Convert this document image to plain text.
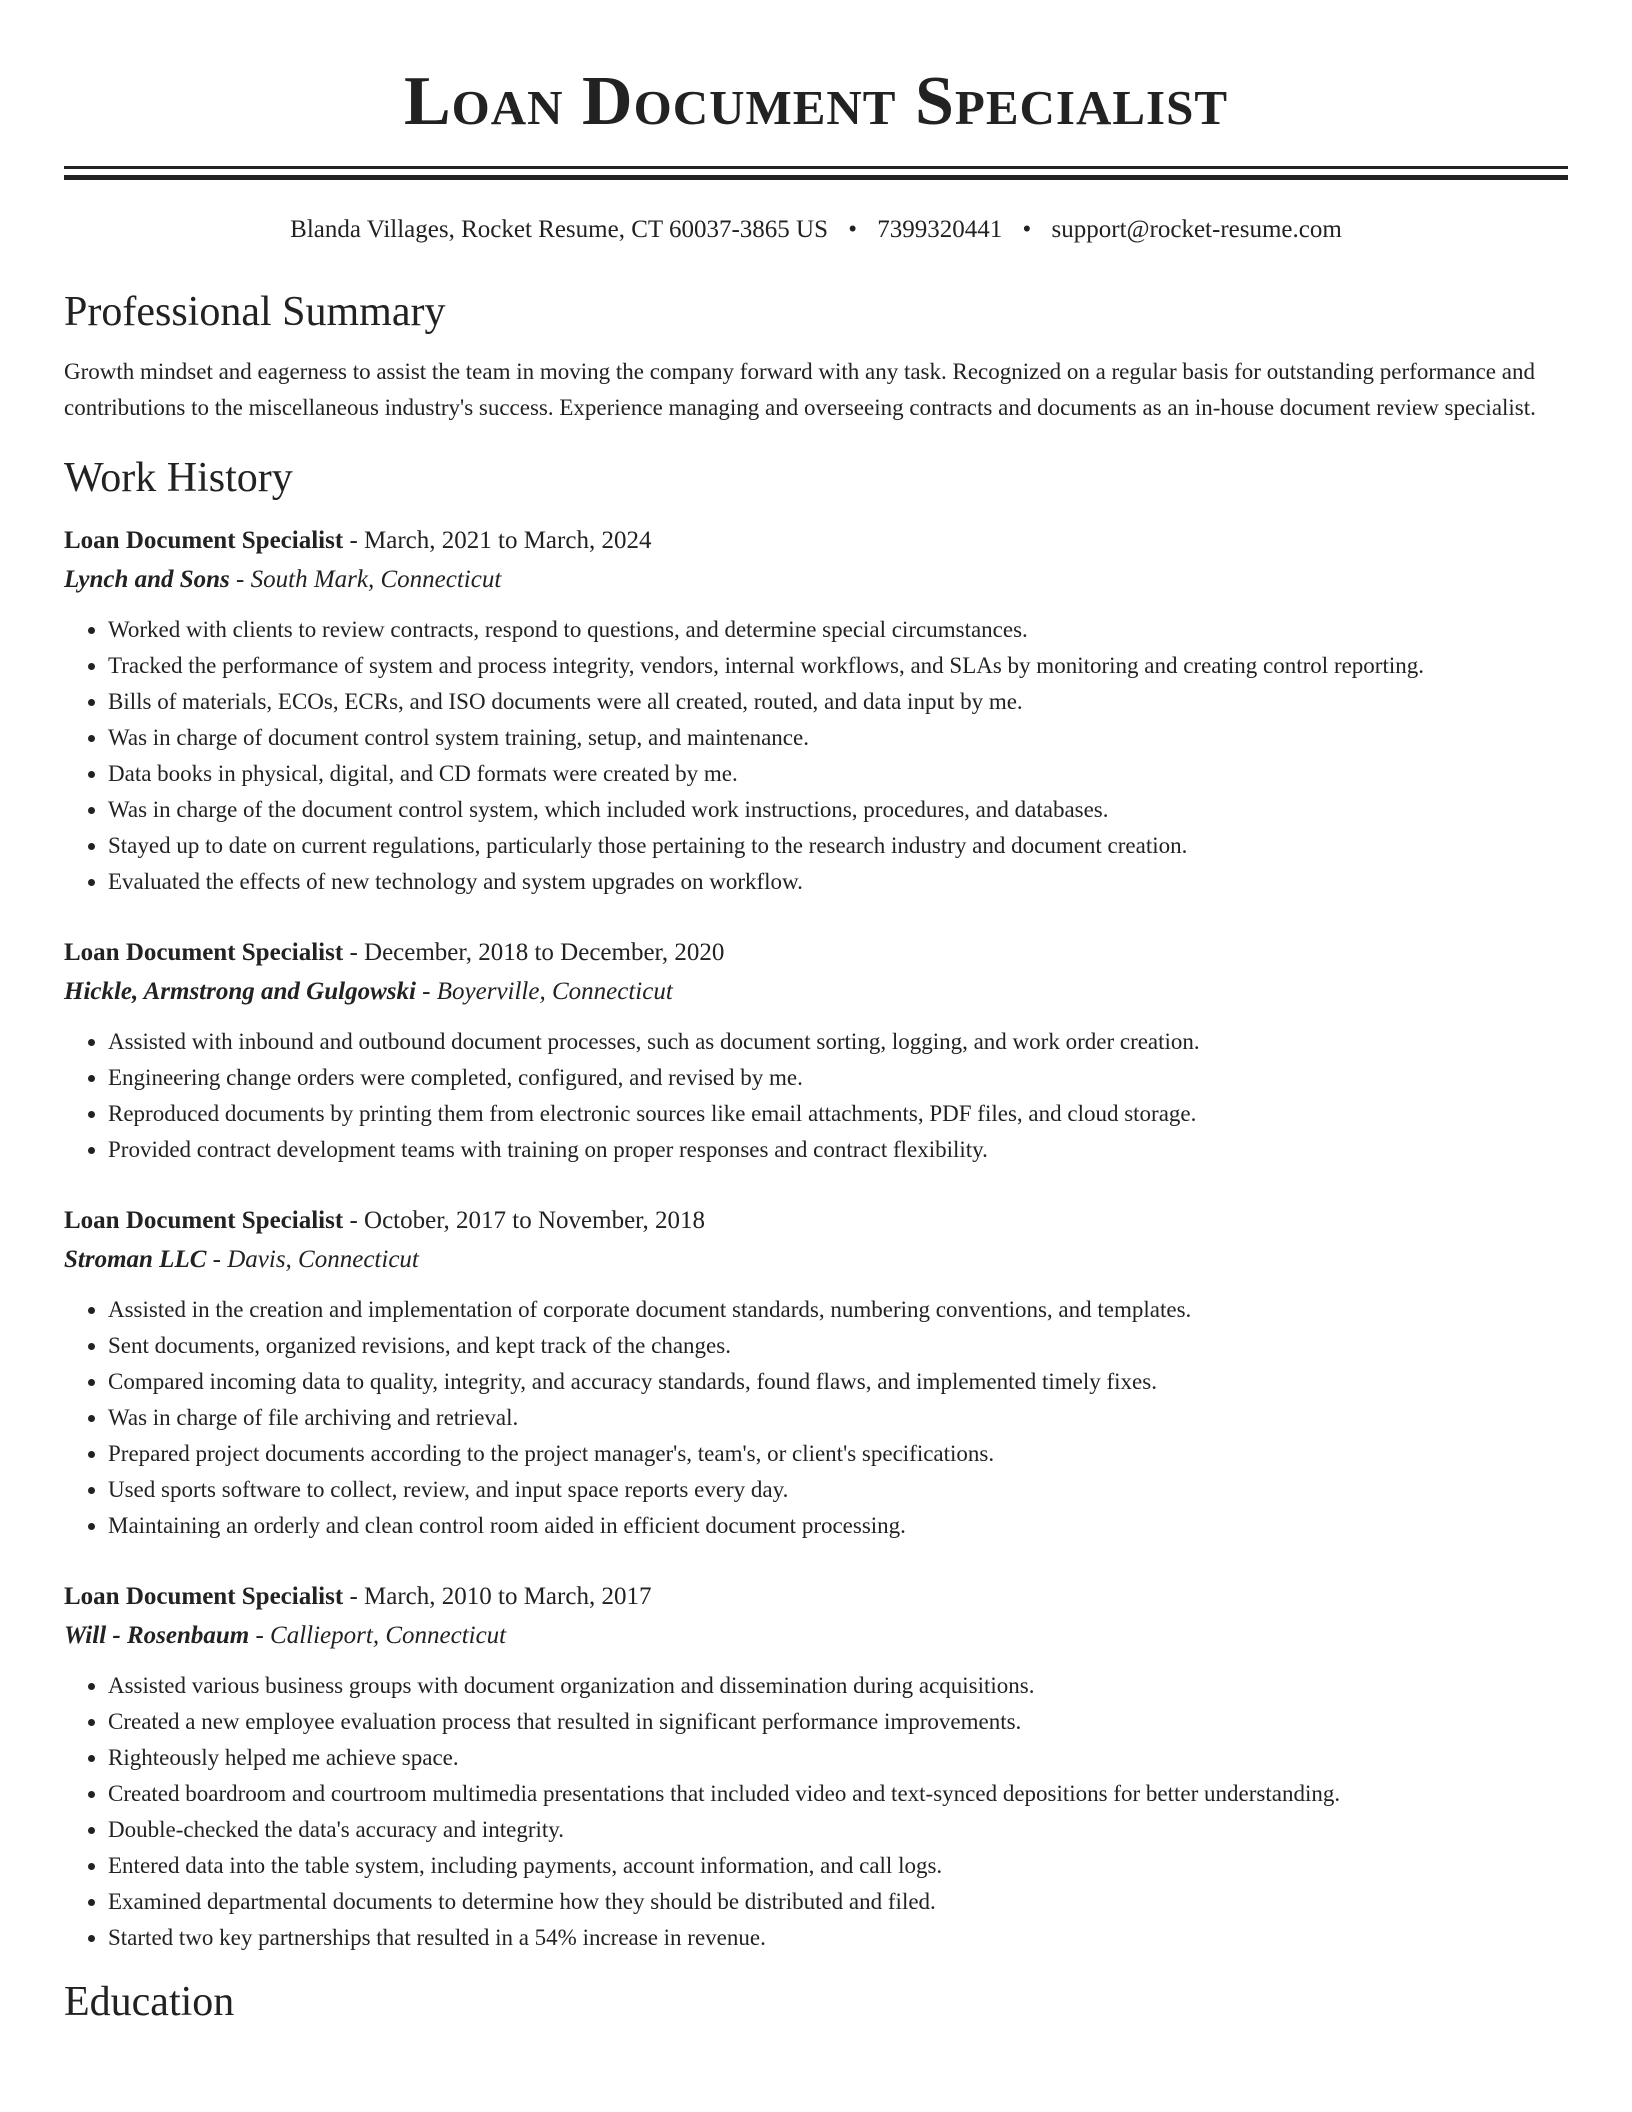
Loan Document Specialist
Blanda Villages, Rocket Resume, CT 60037-3865 US • 7399320441 • support@rocket-resume.com
Professional Summary

Growth mindset and eagerness to assist the team in moving the company forward with any task. Recognized on a regular basis for outstanding performance and contributions to the miscellaneous industry's success. Experience managing and overseeing contracts and documents as an in-house document review specialist.

Work History

Loan Document Specialist - March, 2021 to March, 2024

Lynch and Sons - South Mark, Connecticut

• Worked with clients to review contracts, respond to questions, and determine special circumstances.
• Tracked the performance of system and process integrity, vendors, internal workflows, and SLAs by monitoring and creating control reporting.
• Bills of materials, ECOs, ECRs, and ISO documents were all created, routed, and data input by me.
• Was in charge of document control system training, setup, and maintenance.
• Data books in physical, digital, and CD formats were created by me.
• Was in charge of the document control system, which included work instructions, procedures, and databases.
• Stayed up to date on current regulations, particularly those pertaining to the research industry and document creation.
• Evaluated the effects of new technology and system upgrades on workflow.

Loan Document Specialist - December, 2018 to December, 2020

Hickle, Armstrong and Gulgowski - Boyerville, Connecticut

• Assisted with inbound and outbound document processes, such as document sorting, logging, and work order creation.
• Engineering change orders were completed, configured, and revised by me.
• Reproduced documents by printing them from electronic sources like email attachments, PDF files, and cloud storage.
• Provided contract development teams with training on proper responses and contract flexibility.

Loan Document Specialist - October, 2017 to November, 2018

Stroman LLC - Davis, Connecticut

• Assisted in the creation and implementation of corporate document standards, numbering conventions, and templates.
• Sent documents, organized revisions, and kept track of the changes.
• Compared incoming data to quality, integrity, and accuracy standards, found flaws, and implemented timely fixes.
• Was in charge of file archiving and retrieval.
• Prepared project documents according to the project manager's, team's, or client's specifications.
• Used sports software to collect, review, and input space reports every day.
• Maintaining an orderly and clean control room aided in efficient document processing.

Loan Document Specialist - March, 2010 to March, 2017

Will - Rosenbaum - Callieport, Connecticut

• Assisted various business groups with document organization and dissemination during acquisitions.
• Created a new employee evaluation process that resulted in significant performance improvements.
• Righteously helped me achieve space.
• Created boardroom and courtroom multimedia presentations that included video and text-synced depositions for better understanding.
• Double-checked the data's accuracy and integrity.
• Entered data into the table system, including payments, account information, and call logs.
• Examined departmental documents to determine how they should be distributed and filed.
• Started two key partnerships that resulted in a 54% increase in revenue.
Education
